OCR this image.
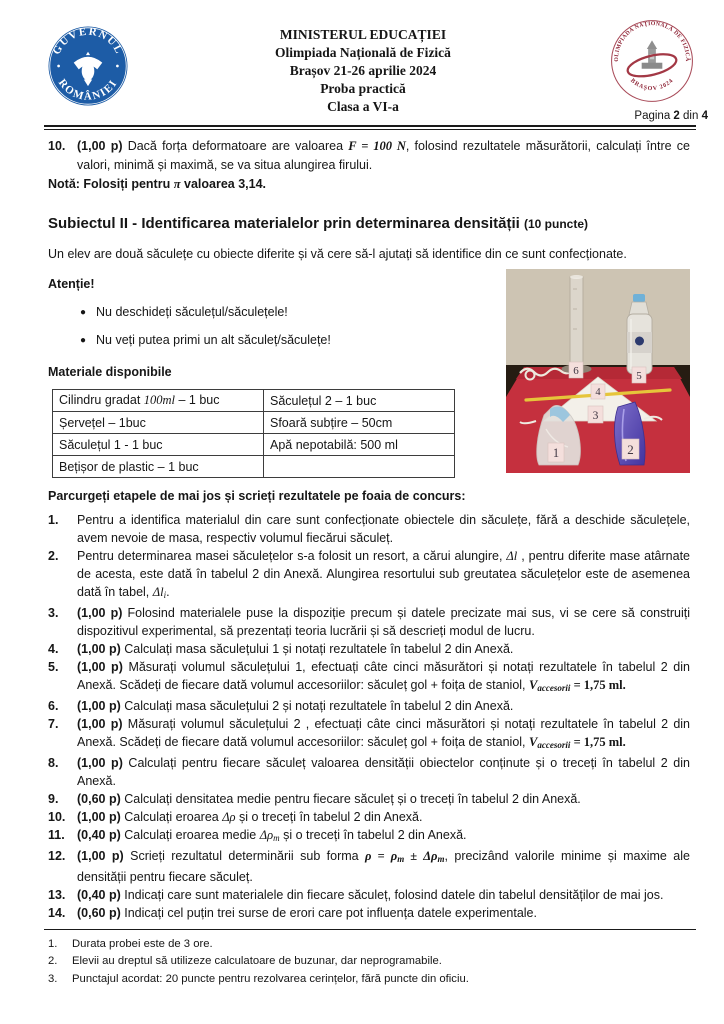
GUVERNUL
ROMÂNIEI
MINISTERUL EDUCAȚIEI
Olimpiada Națională de Fizică
Brașov 21-26 aprilie 2024
Proba practică
Clasa a VI-a
OLIMPIADA NAȚIONALĂ DE FIZICĂ
BRAȘOV 2024
Pagina 2 din 4
10. (1,00 p) Dacă forța deformatoare are valoarea F = 100 N, folosind rezultatele măsurătorii, calculați între ce valori, minimă și maximă, se va situa alungirea firului.

Notă: Folosiți pentru π valoarea 3,14.

Subiectul II - Identificarea materialelor prin determinarea densității (10 puncte)

Un elev are două săculețe cu obiecte diferite și vă cere să-l ajutați să identifice din ce sunt confecționate.

Atenție!
● Nu deschideți săculețul/săculețele!
● Nu veți putea primi un alt săculeț/săculețe!
Materiale disponibile
Cilindru gradat 100ml – 1 buc	Săculețul 2 – 1 buc
Șervețel – 1buc	Sfoară subțire – 50cm
Săculețul 1 - 1 buc	Apă nepotabilă: 500 ml
Bețișor de plastic – 1 buc	
6	5
4
3
1	2
Parcurgeți etapele de mai jos și scrieți rezultatele pe foaia de concurs:
1.	Pentru a identifica materialul din care sunt confecționate obiectele din săculețe, fără a deschide săculețele, avem nevoie de masa, respectiv volumul fiecărui săculeț.

2.	Pentru determinarea masei săculețelor s-a folosit un resort, a cărui alungire, Δl , pentru diferite mase atârnate de acesta, este dată în tabelul 2 din Anexă. Alungirea resortului sub greutatea săculețelor este de asemenea dată în tabel, Δli.

3.	(1,00 p) Folosind materialele puse la dispoziție precum și datele precizate mai sus, vi se cere să construiți dispozitivul experimental, să prezentați teoria lucrării și să descrieți modul de lucru.

4.	(1,00 p) Calculați masa săculețului 1 și notați rezultatele în tabelul 2 din Anexă.

5.	(1,00 p) Măsurați volumul săculețului 1, efectuați câte cinci măsurători și notați rezultatele în tabelul 2 din Anexă. Scădeți de fiecare dată volumul accesoriilor: săculeț gol + foița de staniol, Vaccesorii = 1,75 ml.

6.	(1,00 p) Calculați masa săculețului 2 și notați rezultatele în tabelul 2 din Anexă.

7.	(1,00 p) Măsurați volumul săculețului 2 , efectuați câte cinci măsurători și notați rezultatele în tabelul 2 din Anexă. Scădeți de fiecare dată volumul accesoriilor: săculeț gol + foița de staniol, Vaccesorii = 1,75 ml.

8.	(1,00 p) Calculați pentru fiecare săculeț valoarea densității obiectelor conținute și o treceți în tabelul 2 din Anexă.

9.	(0,60 p) Calculați densitatea medie pentru fiecare săculeț și o treceți în tabelul 2 din Anexă.

10. (1,00 p) Calculați eroarea Δρ și o treceți în tabelul 2 din Anexă.

11. (0,40 p) Calculați eroarea medie Δρm și o treceți în tabelul 2 din Anexă.

12. (1,00 p) Scrieți rezultatul determinării sub forma ρ = ρm ± Δρm, precizând valorile minime și maxime ale densității pentru fiecare săculeț.

13. (0,40 p) Indicați care sunt materialele din fiecare săculeț, folosind datele din tabelul densităților de mai jos.

14. (0,60 p) Indicați cel puțin trei surse de erori care pot influența datele experimentale.

1.	Durata probei este de 3 ore.
2.	Elevii au dreptul să utilizeze calculatoare de buzunar, dar neprogramabile.
3.	Punctajul acordat: 20 puncte pentru rezolvarea cerințelor, fără puncte din oficiu.
